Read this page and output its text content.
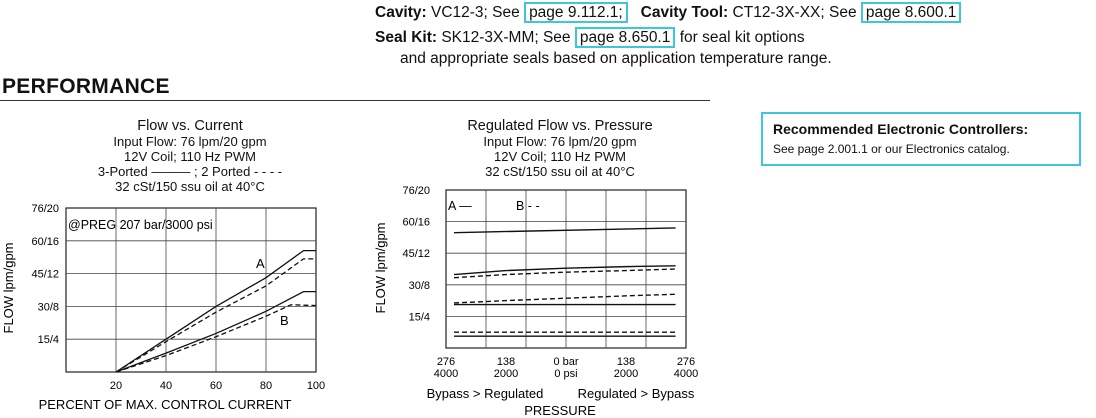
Cavity: VC12-3; See page 9.112.1; Cavity Tool: CT12-3X-XX; See page 8.600.1
Seal Kit: SK12-3X-MM; See page 8.650.1 for seal kit options
and appropriate seals based on application temperature range.
PERFORMANCE
Recommended Electronic Controllers:
See page 2.001.1 or our Electronics catalog.
Flow vs. Current
Input Flow: 76 lpm/20 gpm
12V Coil; 110 Hz PWM
3-Ported ——— ; 2 Ported - - - -
32 cSt/150 ssu oil at 40°C
Regulated Flow vs. Pressure
Input Flow: 76 lpm/20 gpm
12V Coil; 110 Hz PWM
32 cSt/150 ssu oil at 40°C
20	40	60	80	100
15/4
30/8
45/12
60/16
76/20
@PREG 207 bar/3000 psi
A
B
PERCENT OF MAX. CONTROL CURRENT
FLOW lpm/gpm
276	138	0 bar	138	276
4000	2000	0 psi	2000	4000
15/4
30/8
45/12
60/16
76/20
A —	B - -
Bypass > Regulated	Regulated > Bypass
PRESSURE
FLOW lpm/gpm
